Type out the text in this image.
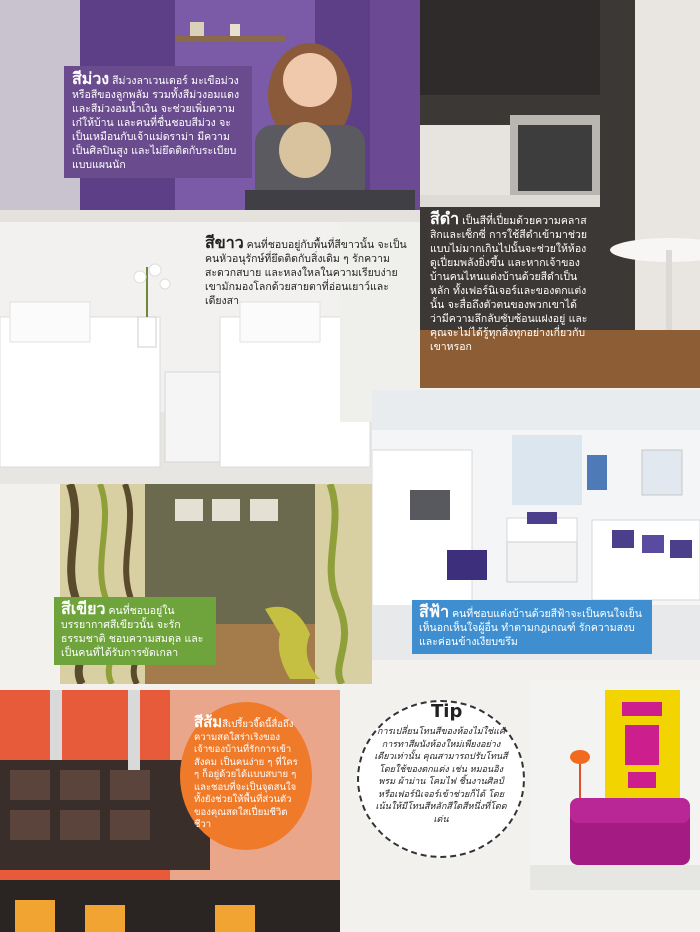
สีม่วง สีม่วงลาเวนเดอร์ มะเขือม่วง หรือสีของลูกพลัม รวมทั้งสีม่วงอมแดง และสีม่วงอมน้ำเงิน จะช่วยเพิ่มความเก๋ให้บ้าน และคนที่ชื่นชอบสีม่วง จะเป็นเหมือนกับเจ้าแม่ดราม่า มีความเป็นศิลปินสูง และไม่ยึดติดกับระเบียบแบบแผนนัก
สีดำ เป็นสีที่เปี่ยมด้วยความคลาสสิกและเซ็กซี่ การใช้สีดำเข้ามาช่วยแบบไม่มากเกินไปนั้นจะช่วยให้ห้องดูเปี่ยมพลังยิ่งขึ้น และหากเจ้าของบ้านคนไหนแต่งบ้านด้วยสีดำเป็นหลัก ทั้งเฟอร์นิเจอร์และของตกแต่งนั้น จะสื่อถึงตัวตนของพวกเขาได้ว่ามีความลึกลับซับซ้อนแฝงอยู่ และคุณจะไม่ได้รู้ทุกสิ่งทุกอย่างเกี่ยวกับเขาหรอก
สีขาว คนที่ชอบอยู่กับพื้นที่สีขาวนั้น จะเป็นคนหัวอนุรักษ์ที่ยึดติดกับสิ่งเดิม ๆ รักความสะดวกสบาย และหลงใหลในความเรียบง่าย เขามักมองโลกด้วยสายตาที่อ่อนเยาว์และเดียงสา
สีเขียว คนที่ชอบอยู่ในบรรยากาศสีเขียวนั้น จะรักธรรมชาติ ชอบความสมดุล และเป็นคนที่ได้รับการขัดเกลา
สีฟ้า คนที่ชอบแต่งบ้านด้วยสีฟ้าจะเป็นคนใจเย็น เห็นอกเห็นใจผู้อื่น ทำตามกฎเกณฑ์ รักความสงบ และค่อนข้างเงียบขรึม
สีส้มสีเปรี้ยวจี๊ดนี้สื่อถึงความสดใสร่าเริงของเจ้าของบ้านที่รักการเข้าสังคม เป็นคนง่าย ๆ ที่ใคร ๆ ก็อยู่ด้วยได้แบบสบาย ๆ และชอบที่จะเป็นจุดสนใจ ทั้งยังช่วยให้พื้นที่ส่วนตัวของคุณสดใสเปี่ยมชีวิตชีวา
Tip
การเปลี่ยนโทนสีของห้องไม่ใช่แค่การทาสีผนังห้องใหม่เพียงอย่างเดียวเท่านั้น คุณสามารถปรับโทนสีโดยใช้ของตกแต่ง เช่น หมอนอิง พรม ผ้าม่าน โคมไฟ ชิ้นงานศิลป์ หรือเฟอร์นิเจอร์เข้าช่วยก็ได้ โดยเน้นให้มีโทนสีหลักสีใดสีหนึ่งที่โดดเด่น
